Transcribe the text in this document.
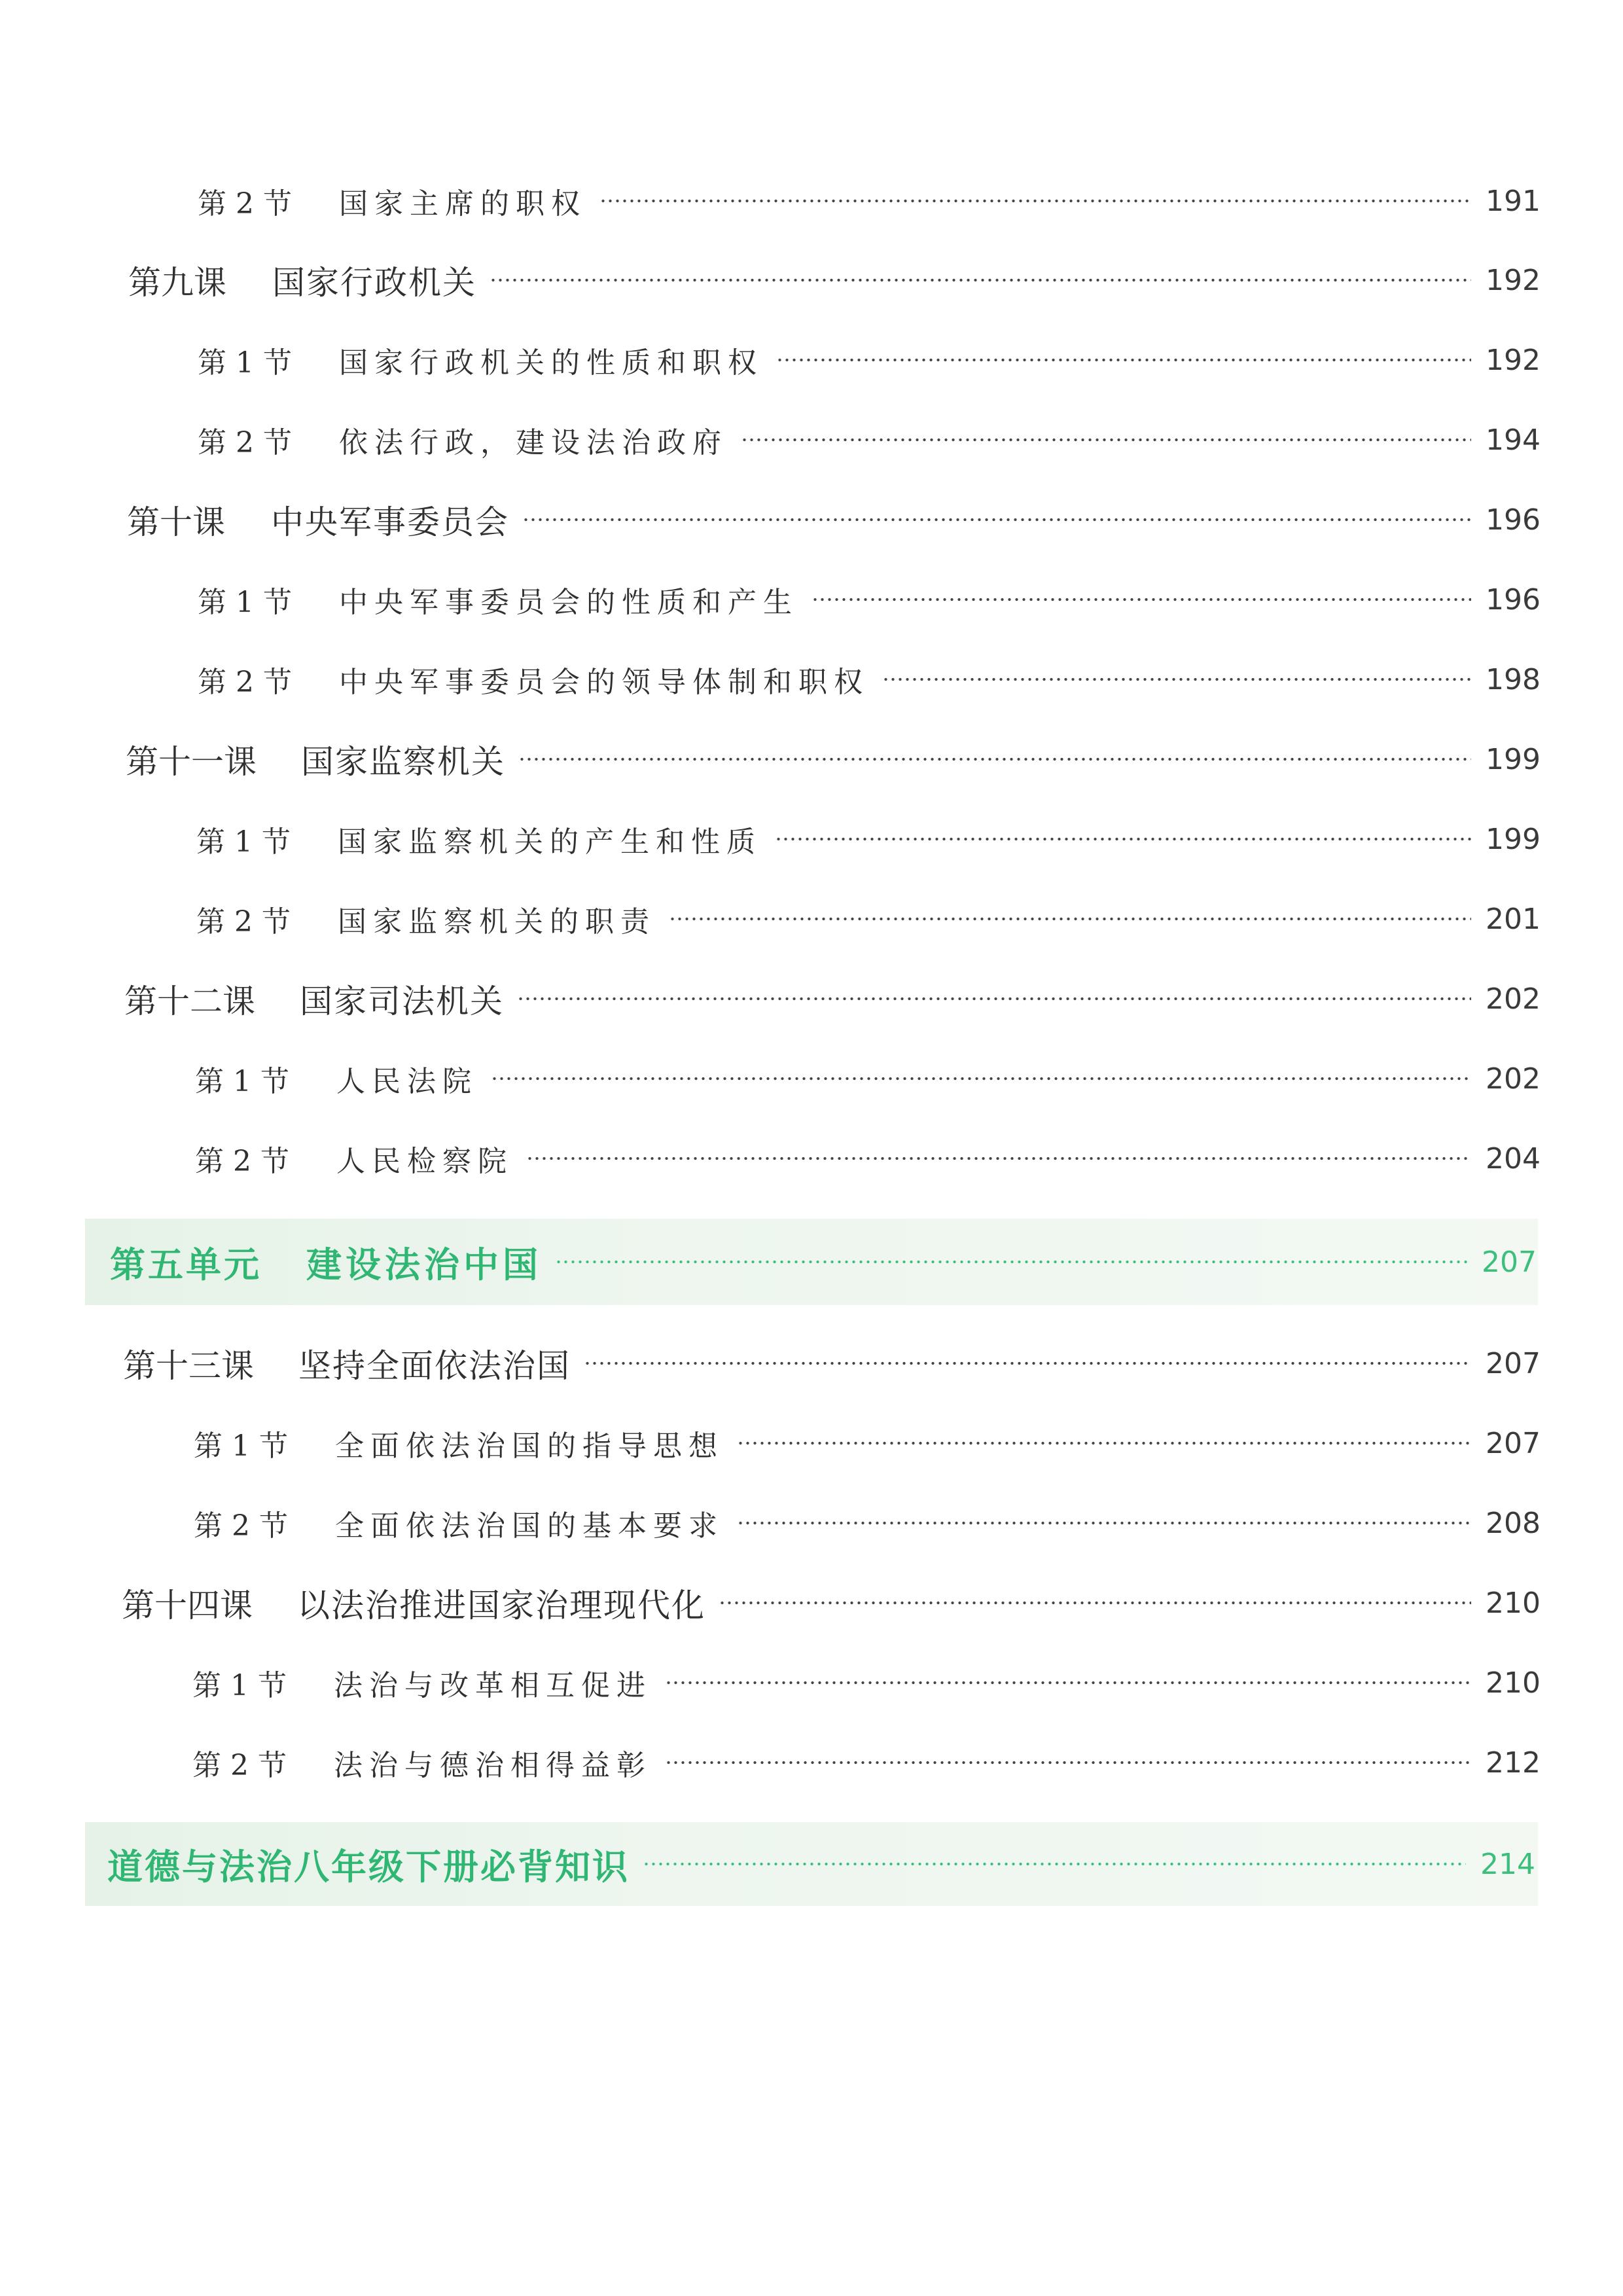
第2节	国家主席的职权	191
第九课	国家行政机关	192
第1节	国家行政机关的性质和职权	192
第2节	依法行政，建设法治政府	194
第十课	中央军事委员会	196
第1节	中央军事委员会的性质和产生	196
第2节	中央军事委员会的领导体制和职权	198
第十一课	国家监察机关	199
第1节	国家监察机关的产生和性质	199
第2节	国家监察机关的职责	201
第十二课	国家司法机关	202
第1节	人民法院	202
第2节	人民检察院	204
第五单元	建设法治中国	207
第十三课	坚持全面依法治国	207
第1节	全面依法治国的指导思想	207
第2节	全面依法治国的基本要求	208
第十四课	以法治推进国家治理现代化	210
第1节	法治与改革相互促进	210
第2节	法治与德治相得益彰	212
道德与法治八年级下册必背知识	214
